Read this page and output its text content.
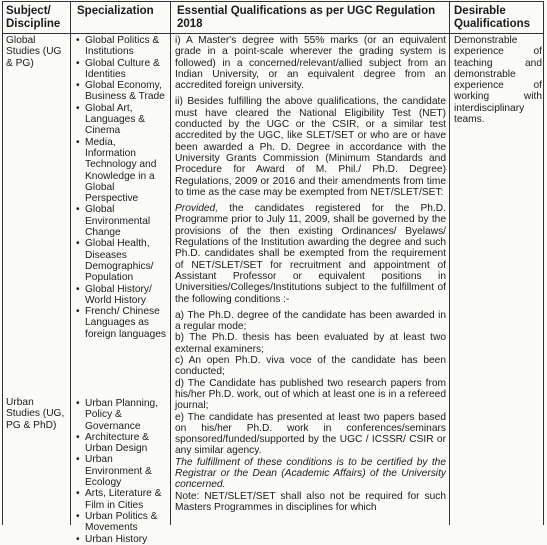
Subject/ Discipline
Specialization	Essential Qualifications as per UGC Regulation 2018
Desirable Qualifications
Global Studies (UG & PG)
Urban Studies (UG, PG & PhD)
• Global Politics & Institutions
• Global Culture & Identities
• Global Economy, Business & Trade
• Global Art, Languages & Cinema
• Media, Information Technology and Knowledge in a Global Perspective
• Global Environmental Change
• Global Health, Diseases Demographics/ Population
• Global History/ World History
• French/ Chinese Languages as foreign languages
• Urban Planning, Policy & Governance
• Architecture & Urban Design
• Urban Environment & Ecology
• Arts, Literature & Film in Cities
• Urban Politics & Movements
• Urban History

i) A Master's degree with 55% marks (or an equivalent grade in a point-scale wherever the grading system is followed) in a concerned/relevant/allied subject from an Indian University, or an equivalent degree from an accredited foreign university.

ii) Besides fulfilling the above qualifications, the candidate must have cleared the National Eligibility Test (NET) conducted by the UGC or the CSIR, or a similar test accredited by the UGC, like SLET/SET or who are or have been awarded a Ph. D. Degree in accordance with the University Grants Commission (Minimum Standards and Procedure for Award of M. Phil./ Ph.D. Degree) Regulations, 2009 or 2016 and their amendments from time to time as the case may be exempted from NET/SLET/SET:

Provided, the candidates registered for the Ph.D. Programme prior to July 11, 2009, shall be governed by the provisions of the then existing Ordinances/ Byelaws/ Regulations of the Institution awarding the degree and such Ph.D. candidates shall be exempted from the requirement of NET/SLET/SET for recruitment and appointment of Assistant Professor or equivalent positions in Universities/Colleges/Institutions subject to the fulfillment of the following conditions :-

a) The Ph.D. degree of the candidate has been awarded in a regular mode;

b) The Ph.D. thesis has been evaluated by at least two external examiners;

c) An open Ph.D. viva voce of the candidate has been conducted;

d) The Candidate has published two research papers from his/her Ph.D. work, out of which at least one is in a refereed journal;

e) The candidate has presented at least two papers based on his/her Ph.D. work in conferences/seminars sponsored/funded/supported by the UGC / ICSSR/ CSIR or any similar agency.

The fulfillment of these conditions is to be certified by the Registrar or the Dean (Academic Affairs) of the University concerned.

Note: NET/SLET/SET shall also not be required for such Masters Programmes in disciplines for which

Demonstrable experience of teaching and demonstrable experience of working with interdisciplinary teams.
